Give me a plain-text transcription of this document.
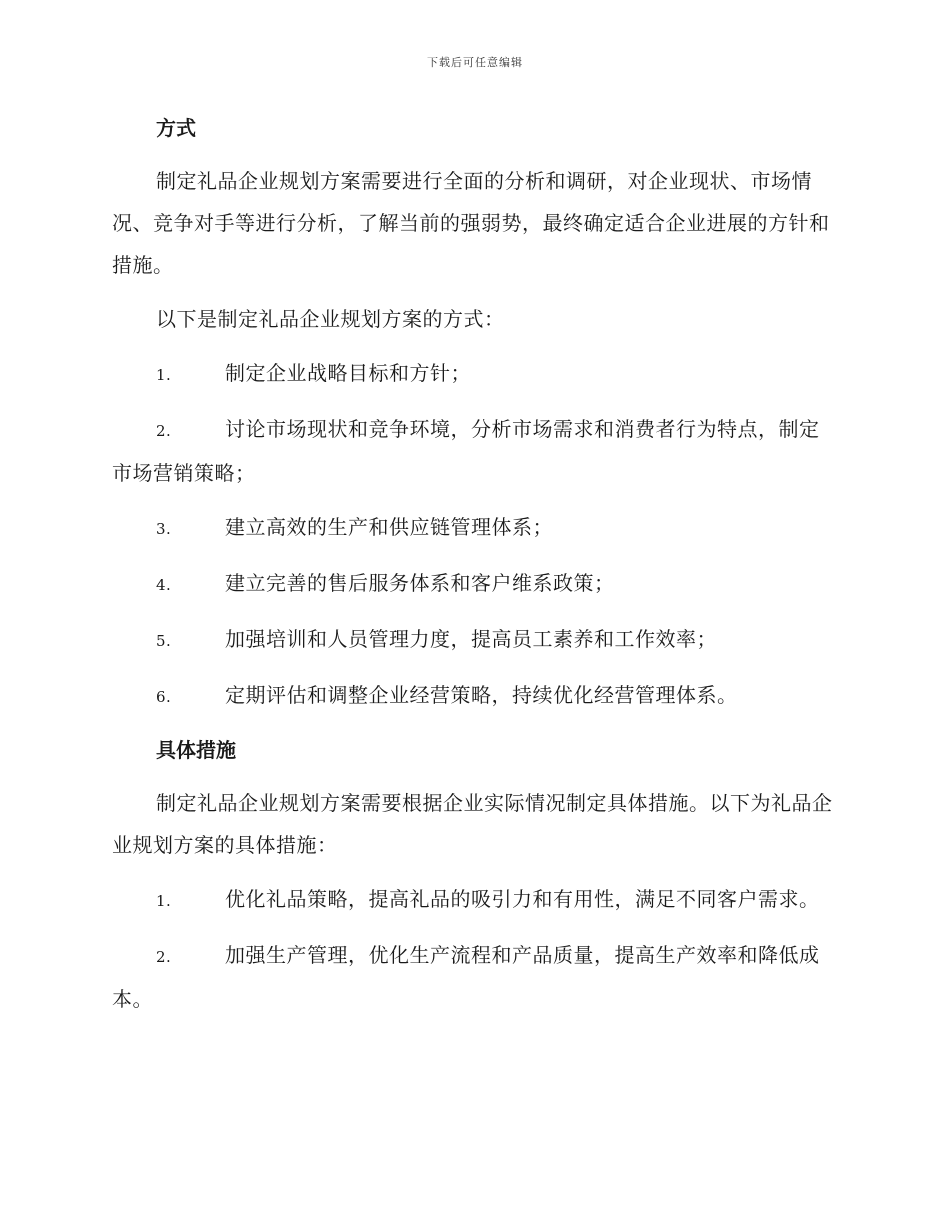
下载后可任意编辑
方式

制定礼品企业规划方案需要进行全面的分析和调研，对企业现状、市场情况、竞争对手等进行分析，了解当前的强弱势，最终确定适合企业进展的方针和措施。

以下是制定礼品企业规划方案的方式：

1.	制定企业战略目标和方针；
2.	讨论市场现状和竞争环境，分析市场需求和消费者行为特点，制定市场营销策略；
3.	建立高效的生产和供应链管理体系；
4.	建立完善的售后服务体系和客户维系政策；
5.	加强培训和人员管理力度，提高员工素养和工作效率；
6.	定期评估和调整企业经营策略，持续优化经营管理体系。
具体措施

制定礼品企业规划方案需要根据企业实际情况制定具体措施。以下为礼品企业规划方案的具体措施：

1.	优化礼品策略，提高礼品的吸引力和有用性，满足不同客户需求。
2.	加强生产管理，优化生产流程和产品质量，提高生产效率和降低成本。
